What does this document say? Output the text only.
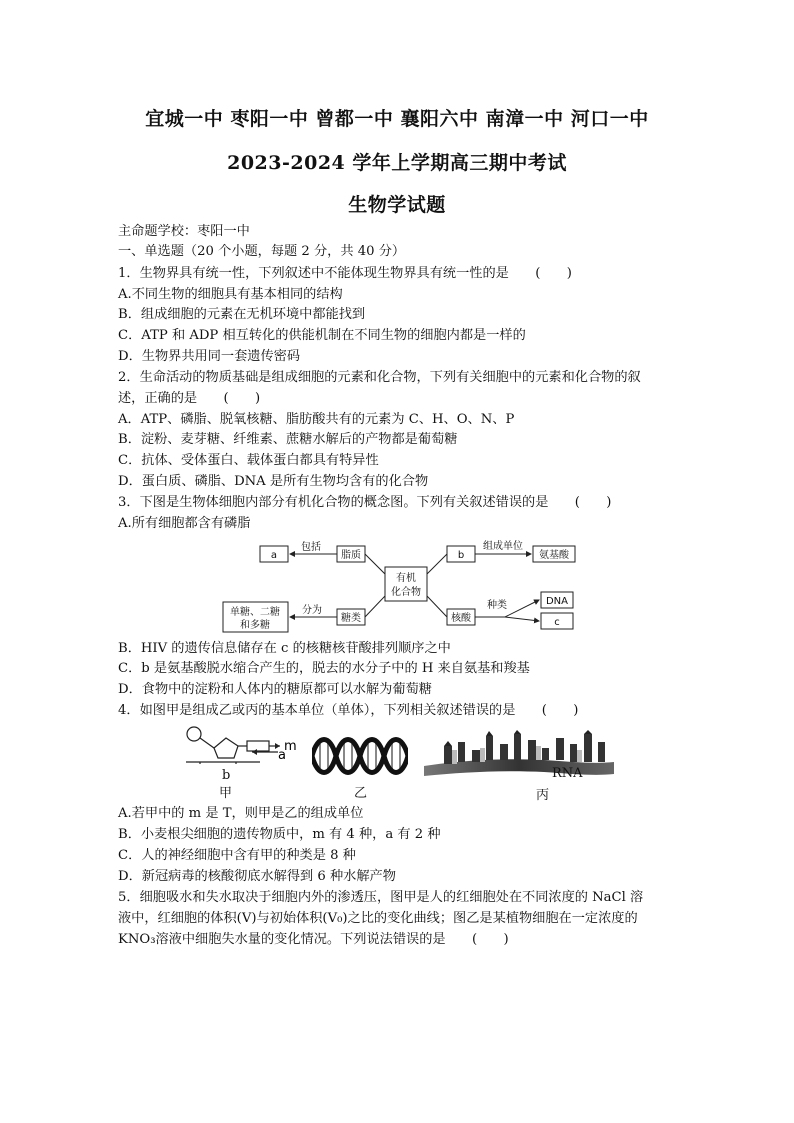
宜城一中 枣阳一中 曾都一中 襄阳六中 南漳一中 河口一中
2023-2024 学年上学期高三期中考试
生物学试题
主命题学校：枣阳一中
一、单选题（20 个小题，每题 2 分，共 40 分）
1．生物界具有统一性，下列叙述中不能体现生物界具有统一性的是　　(　　)
A.不同生物的细胞具有基本相同的结构
B．组成细胞的元素在无机环境中都能找到
C．ATP 和 ADP 相互转化的供能机制在不同生物的细胞内都是一样的
D．生物界共用同一套遗传密码
2．生命活动的物质基础是组成细胞的元素和化合物，下列有关细胞中的元素和化合物的叙
述，正确的是　　(　　)
A．ATP、磷脂、脱氧核糖、脂肪酸共有的元素为 C、H、O、N、P
B．淀粉、麦芽糖、纤维素、蔗糖水解后的产物都是葡萄糖
C．抗体、受体蛋白、载体蛋白都具有特异性
D．蛋白质、磷脂、DNA 是所有生物均含有的化合物
3．下图是生物体细胞内部分有机化合物的概念图。下列有关叙述错误的是　　(　　)
A.所有细胞都含有磷脂
有机
化合物
脂质
包括
a
糖类
分为
单糖、二糖
和多糖
b
组成单位
氨基酸
核酸
种类	DNA
c
B．HIV 的遗传信息储存在 c 的核糖核苷酸排列顺序之中
C．b 是氨基酸脱水缩合产生的，脱去的水分子中的 H 来自氨基和羧基
D．食物中的淀粉和人体内的糖原都可以水解为葡萄糖
4．如图甲是组成乙或丙的基本单位（单体），下列相关叙述错误的是　　(　　)
m
a
b
甲	乙
RNA
丙
A.若甲中的 m 是 T，则甲是乙的组成单位
B．小麦根尖细胞的遗传物质中，m 有 4 种，a 有 2 种
C．人的神经细胞中含有甲的种类是 8 种
D．新冠病毒的核酸彻底水解得到 6 种水解产物
5．细胞吸水和失水取决于细胞内外的渗透压，图甲是人的红细胞处在不同浓度的 NaCl 溶
液中，红细胞的体积(V)与初始体积(V₀)之比的变化曲线；图乙是某植物细胞在一定浓度的
KNO₃溶液中细胞失水量的变化情况。下列说法错误的是　　(　　)
